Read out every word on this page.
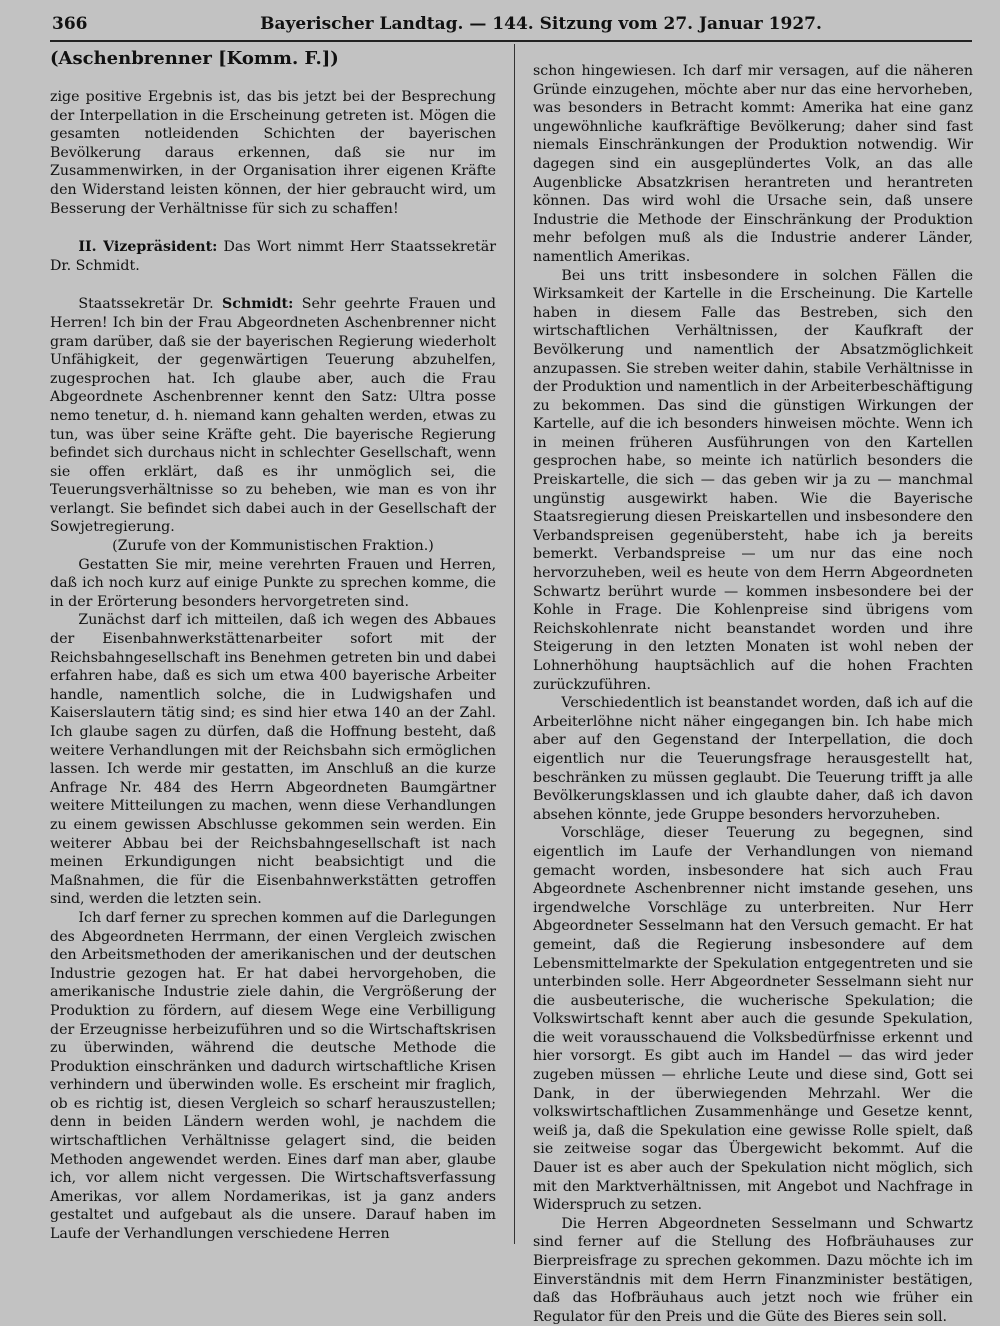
366	Bayerischer Landtag. — 144. Sitzung vom 27. Januar 1927.

(Aschenbrenner [Komm. F.])

zige positive Ergebnis ist, das bis jetzt bei der Besprechung der Interpellation in die Erscheinung getreten ist. Mögen die gesamten notleidenden Schichten der bayerischen Bevölkerung daraus erkennen, daß sie nur im Zusammenwirken, in der Organisation ihrer eigenen Kräfte den Widerstand leisten können, der hier gebraucht wird, um Besserung der Verhältnisse für sich zu schaffen!

II. Vizepräsident: Das Wort nimmt Herr Staatssekretär Dr. Schmidt.

Staatssekretär Dr. Schmidt: Sehr geehrte Frauen und Herren! Ich bin der Frau Abgeordneten Aschenbrenner nicht gram darüber, daß sie der bayerischen Regierung wiederholt Unfähigkeit, der gegenwärtigen Teuerung abzuhelfen, zugesprochen hat. Ich glaube aber, auch die Frau Abgeordnete Aschenbrenner kennt den Satz: Ultra posse nemo tenetur, d. h. niemand kann gehalten werden, etwas zu tun, was über seine Kräfte geht. Die bayerische Regierung befindet sich durchaus nicht in schlechter Gesellschaft, wenn sie offen erklärt, daß es ihr unmöglich sei, die Teuerungsverhältnisse so zu beheben, wie man es von ihr verlangt. Sie befindet sich dabei auch in der Gesellschaft der Sowjetregierung.

(Zurufe von der Kommunistischen Fraktion.)

Gestatten Sie mir, meine verehrten Frauen und Herren, daß ich noch kurz auf einige Punkte zu sprechen komme, die in der Erörterung besonders hervorgetreten sind.

Zunächst darf ich mitteilen, daß ich wegen des Abbaues der Eisenbahnwerkstättenarbeiter sofort mit der Reichsbahngesellschaft ins Benehmen getreten bin und dabei erfahren habe, daß es sich um etwa 400 bayerische Arbeiter handle, namentlich solche, die in Ludwigshafen und Kaiserslautern tätig sind; es sind hier etwa 140 an der Zahl. Ich glaube sagen zu dürfen, daß die Hoffnung besteht, daß weitere Verhandlungen mit der Reichsbahn sich ermöglichen lassen. Ich werde mir gestatten, im Anschluß an die kurze Anfrage Nr. 484 des Herrn Abgeordneten Baumgärtner weitere Mitteilungen zu machen, wenn diese Verhandlungen zu einem gewissen Abschlusse gekommen sein werden. Ein weiterer Abbau bei der Reichsbahngesellschaft ist nach meinen Erkundigungen nicht beabsichtigt und die Maßnahmen, die für die Eisenbahnwerkstätten getroffen sind, werden die letzten sein.

Ich darf ferner zu sprechen kommen auf die Darlegungen des Abgeordneten Herrmann, der einen Vergleich zwischen den Arbeitsmethoden der amerikanischen und der deutschen Industrie gezogen hat. Er hat dabei hervorgehoben, die amerikanische Industrie ziele dahin, die Vergrößerung der Produktion zu fördern, auf diesem Wege eine Verbilligung der Erzeugnisse herbeizuführen und so die Wirtschaftskrisen zu überwinden, während die deutsche Methode die Produktion einschränken und dadurch wirtschaftliche Krisen verhindern und überwinden wolle. Es erscheint mir fraglich, ob es richtig ist, diesen Vergleich so scharf herauszustellen; denn in beiden Ländern werden wohl, je nachdem die wirtschaftlichen Verhältnisse gelagert sind, die beiden Methoden angewendet werden. Eines darf man aber, glaube ich, vor allem nicht vergessen. Die Wirtschaftsverfassung Amerikas, vor allem Nordamerikas, ist ja ganz anders gestaltet und aufgebaut als die unsere. Darauf haben im Laufe der Verhandlungen verschiedene Herren

schon hingewiesen. Ich darf mir versagen, auf die näheren Gründe einzugehen, möchte aber nur das eine hervorheben, was besonders in Betracht kommt: Amerika hat eine ganz ungewöhnliche kaufkräftige Bevölkerung; daher sind fast niemals Einschränkungen der Produktion notwendig. Wir dagegen sind ein ausgeplündertes Volk, an das alle Augenblicke Absatzkrisen herantreten und herantreten können. Das wird wohl die Ursache sein, daß unsere Industrie die Methode der Einschränkung der Produktion mehr befolgen muß als die Industrie anderer Länder, namentlich Amerikas.

Bei uns tritt insbesondere in solchen Fällen die Wirksamkeit der Kartelle in die Erscheinung. Die Kartelle haben in diesem Falle das Bestreben, sich den wirtschaftlichen Verhältnissen, der Kaufkraft der Bevölkerung und namentlich der Absatzmöglichkeit anzupassen. Sie streben weiter dahin, stabile Verhältnisse in der Produktion und namentlich in der Arbeiterbeschäftigung zu bekommen. Das sind die günstigen Wirkungen der Kartelle, auf die ich besonders hinweisen möchte. Wenn ich in meinen früheren Ausführungen von den Kartellen gesprochen habe, so meinte ich natürlich besonders die Preiskartelle, die sich — das geben wir ja zu — manchmal ungünstig ausgewirkt haben. Wie die Bayerische Staatsregierung diesen Preiskartellen und insbesondere den Verbandspreisen gegenübersteht, habe ich ja bereits bemerkt. Verbandspreise — um nur das eine noch hervorzuheben, weil es heute von dem Herrn Abgeordneten Schwartz berührt wurde — kommen insbesondere bei der Kohle in Frage. Die Kohlenpreise sind übrigens vom Reichskohlenrate nicht beanstandet worden und ihre Steigerung in den letzten Monaten ist wohl neben der Lohnerhöhung hauptsächlich auf die hohen Frachten zurückzuführen.

Verschiedentlich ist beanstandet worden, daß ich auf die Arbeiterlöhne nicht näher eingegangen bin. Ich habe mich aber auf den Gegenstand der Interpellation, die doch eigentlich nur die Teuerungsfrage herausgestellt hat, beschränken zu müssen geglaubt. Die Teuerung trifft ja alle Bevölkerungsklassen und ich glaubte daher, daß ich davon absehen könnte, jede Gruppe besonders hervorzuheben.

Vorschläge, dieser Teuerung zu begegnen, sind eigentlich im Laufe der Verhandlungen von niemand gemacht worden, insbesondere hat sich auch Frau Abgeordnete Aschenbrenner nicht imstande gesehen, uns irgendwelche Vorschläge zu unterbreiten. Nur Herr Abgeordneter Sesselmann hat den Versuch gemacht. Er hat gemeint, daß die Regierung insbesondere auf dem Lebensmittelmarkte der Spekulation entgegentreten und sie unterbinden solle. Herr Abgeordneter Sesselmann sieht nur die ausbeuterische, die wucherische Spekulation; die Volkswirtschaft kennt aber auch die gesunde Spekulation, die weit vorausschauend die Volksbedürfnisse erkennt und hier vorsorgt. Es gibt auch im Handel — das wird jeder zugeben müssen — ehrliche Leute und diese sind, Gott sei Dank, in der überwiegenden Mehrzahl. Wer die volkswirtschaftlichen Zusammenhänge und Gesetze kennt, weiß ja, daß die Spekulation eine gewisse Rolle spielt, daß sie zeitweise sogar das Übergewicht bekommt. Auf die Dauer ist es aber auch der Spekulation nicht möglich, sich mit den Marktverhältnissen, mit Angebot und Nachfrage in Widerspruch zu setzen.

Die Herren Abgeordneten Sesselmann und Schwartz sind ferner auf die Stellung des Hofbräuhauses zur Bierpreisfrage zu sprechen gekommen. Dazu möchte ich im Einverständnis mit dem Herrn Finanzminister bestätigen, daß das Hofbräuhaus auch jetzt noch wie früher ein Regulator für den Preis und die Güte des Bieres sein soll.
